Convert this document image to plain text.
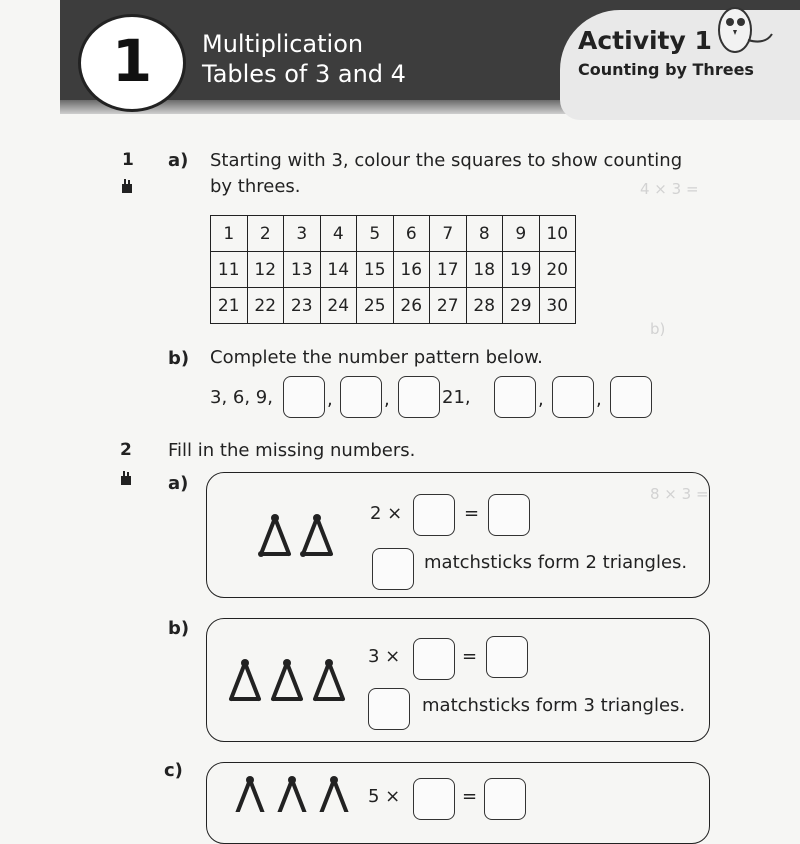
1	Multiplication
Tables of 3 and 4
Activity 1
Counting by Threes
4 × 3 =
b)
8 × 3 =
1 a) Starting with 3, colour the squares to show counting
by threes.
1	2	3	4	5	6	7	8	9	10
11	12	13	14	15	16	17	18	19	20
21	22	23	24	25	26	27	28	29	30
b) Complete the number pattern below.
3, 6, 9,	,	,	21,	,	,
2 Fill in the missing numbers.
a)
2 ×	=
matchsticks form 2 triangles.
b)
3 ×	=
matchsticks form 3 triangles.
c)
5 ×	=
